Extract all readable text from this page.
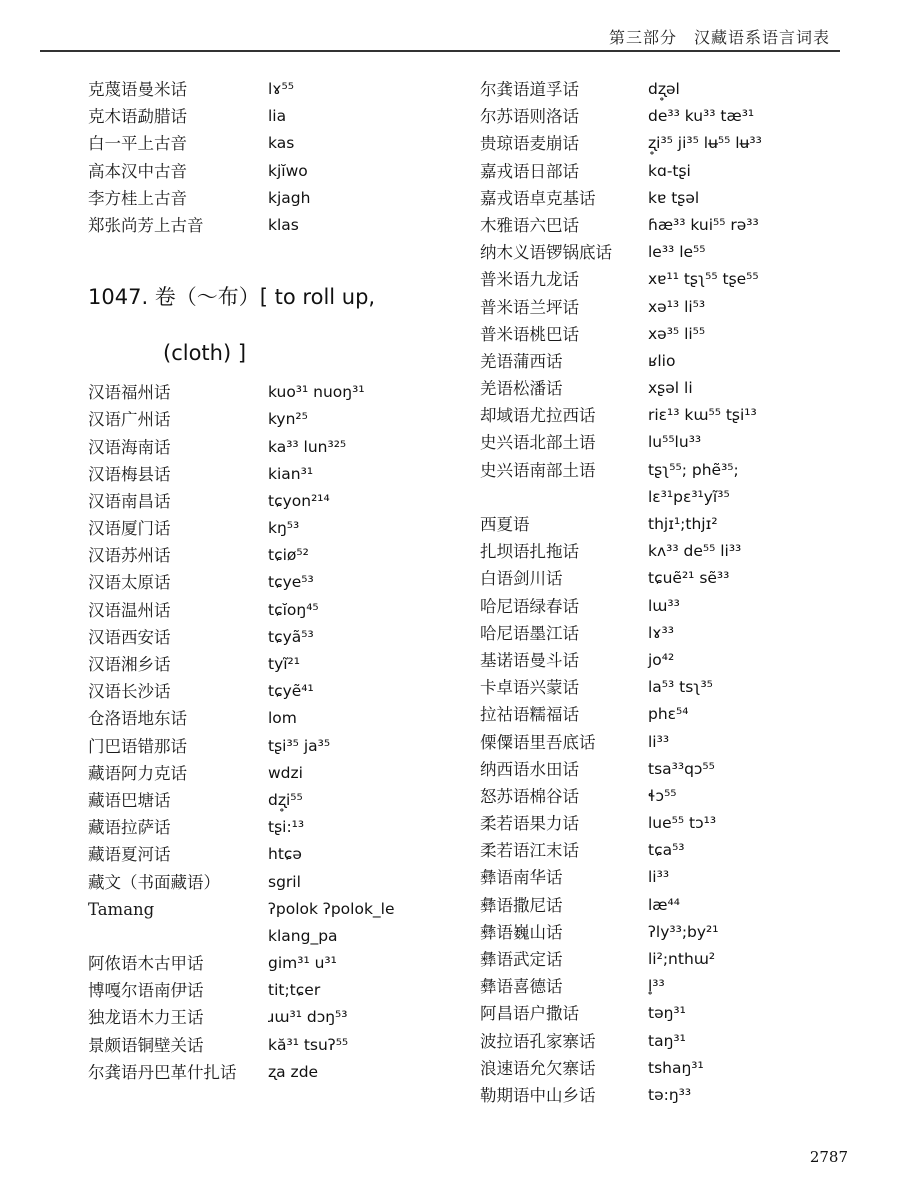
第三部分　汉藏语系语言词表
克蔑语曼米话	lɤ⁵⁵
克木语勐腊话	lia
白一平上古音	kas
高本汉中古音	kjĭwo
李方桂上古音	kjagh
郑张尚芳上古音	klas
1047. 卷（～布）[ to roll up,
(cloth) ]
汉语福州话	kuo³¹ nuoŋ³¹
汉语广州话	kyn²⁵
汉语海南话	ka³³ lun³²⁵
汉语梅县话	kian³¹
汉语南昌话	tɕyon²¹⁴
汉语厦门话	kŋ⁵³
汉语苏州话	tɕiø⁵²
汉语太原话	tɕye⁵³
汉语温州话	tɕĭoŋ⁴⁵
汉语西安话	tɕyã⁵³
汉语湘乡话	tyĩ²¹
汉语长沙话	tɕyẽ⁴¹
仓洛语地东话	lom
门巴语错那话	tʂi³⁵ ja³⁵
藏语阿力克话	wdzi
藏语巴塘话	dʐ̥i⁵⁵
藏语拉萨话	tʂi:¹³
藏语夏河话	htɕə
藏文（书面藏语）	sgril
Tamang	ʔpolok ʔpolok_le
klang_pa
阿侬语木古甲话	gim³¹ u³¹
博嘎尔语南伊话	tit;tɕer
独龙语木力王话	ɹɯ³¹ dɔŋ⁵³
景颇语铜壁关话	kă³¹ tsuʔ⁵⁵
尔龚语丹巴革什扎话 ʐa zde
尔龚语道孚话	dʐ̥əl
尔苏语则洛话	de³³ ku³³ tæ³¹
贵琼语麦崩话	ʐ̥i³⁵ ji³⁵ lʉ⁵⁵ lʉ³³
嘉戎语日部话	kɑ-tʂi
嘉戎语卓克基话	kɐ tʂəl
木雅语六巴话	ɦæ³³ kui⁵⁵ rə³³
纳木义语锣锅底话 le³³ le⁵⁵
普米语九龙话	xɐ¹¹ tʂʅ⁵⁵ tʂe⁵⁵
普米语兰坪话	xə¹³ li⁵³
普米语桃巴话	xə³⁵ li⁵⁵
羌语蒲西话	ʁlio
羌语松潘话	xʂəl li
却域语尤拉西话	riɛ¹³ kɯ⁵⁵ tʂi¹³
史兴语北部土语	lu⁵⁵lu³³
史兴语南部土语	tʂʅ⁵⁵; phẽ³⁵;
lɛ³¹pɛ³¹yĩ³⁵
西夏语	thjɪ¹;thjɪ²
扎坝语扎拖话	kʌ³³ de⁵⁵ li³³
白语剑川话	tɕuẽ²¹ sẽ³³
哈尼语绿春话	lɯ³³
哈尼语墨江话	lɤ³³
基诺语曼斗话	jo⁴²
卡卓语兴蒙话	la⁵³ tsʅ³⁵
拉祜语糯福话	phɛ⁵⁴
傈僳语里吾底话	li³³
纳西语水田话	tsa³³qɔ⁵⁵
怒苏语棉谷话	ɬɔ⁵⁵
柔若语果力话	lue⁵⁵ tɔ¹³
柔若语江末话	tɕa⁵³
彝语南华话	li³³
彝语撒尼话	læ⁴⁴
彝语巍山话	ʔly³³;by²¹
彝语武定话	li²;nthɯ²
彝语喜德话	l̥³³
阿昌语户撒话	təŋ³¹
波拉语孔家寨话	taŋ³¹
浪速语允欠寨话	tshaŋ³¹
勒期语中山乡话	tə:ŋ³³
2787
